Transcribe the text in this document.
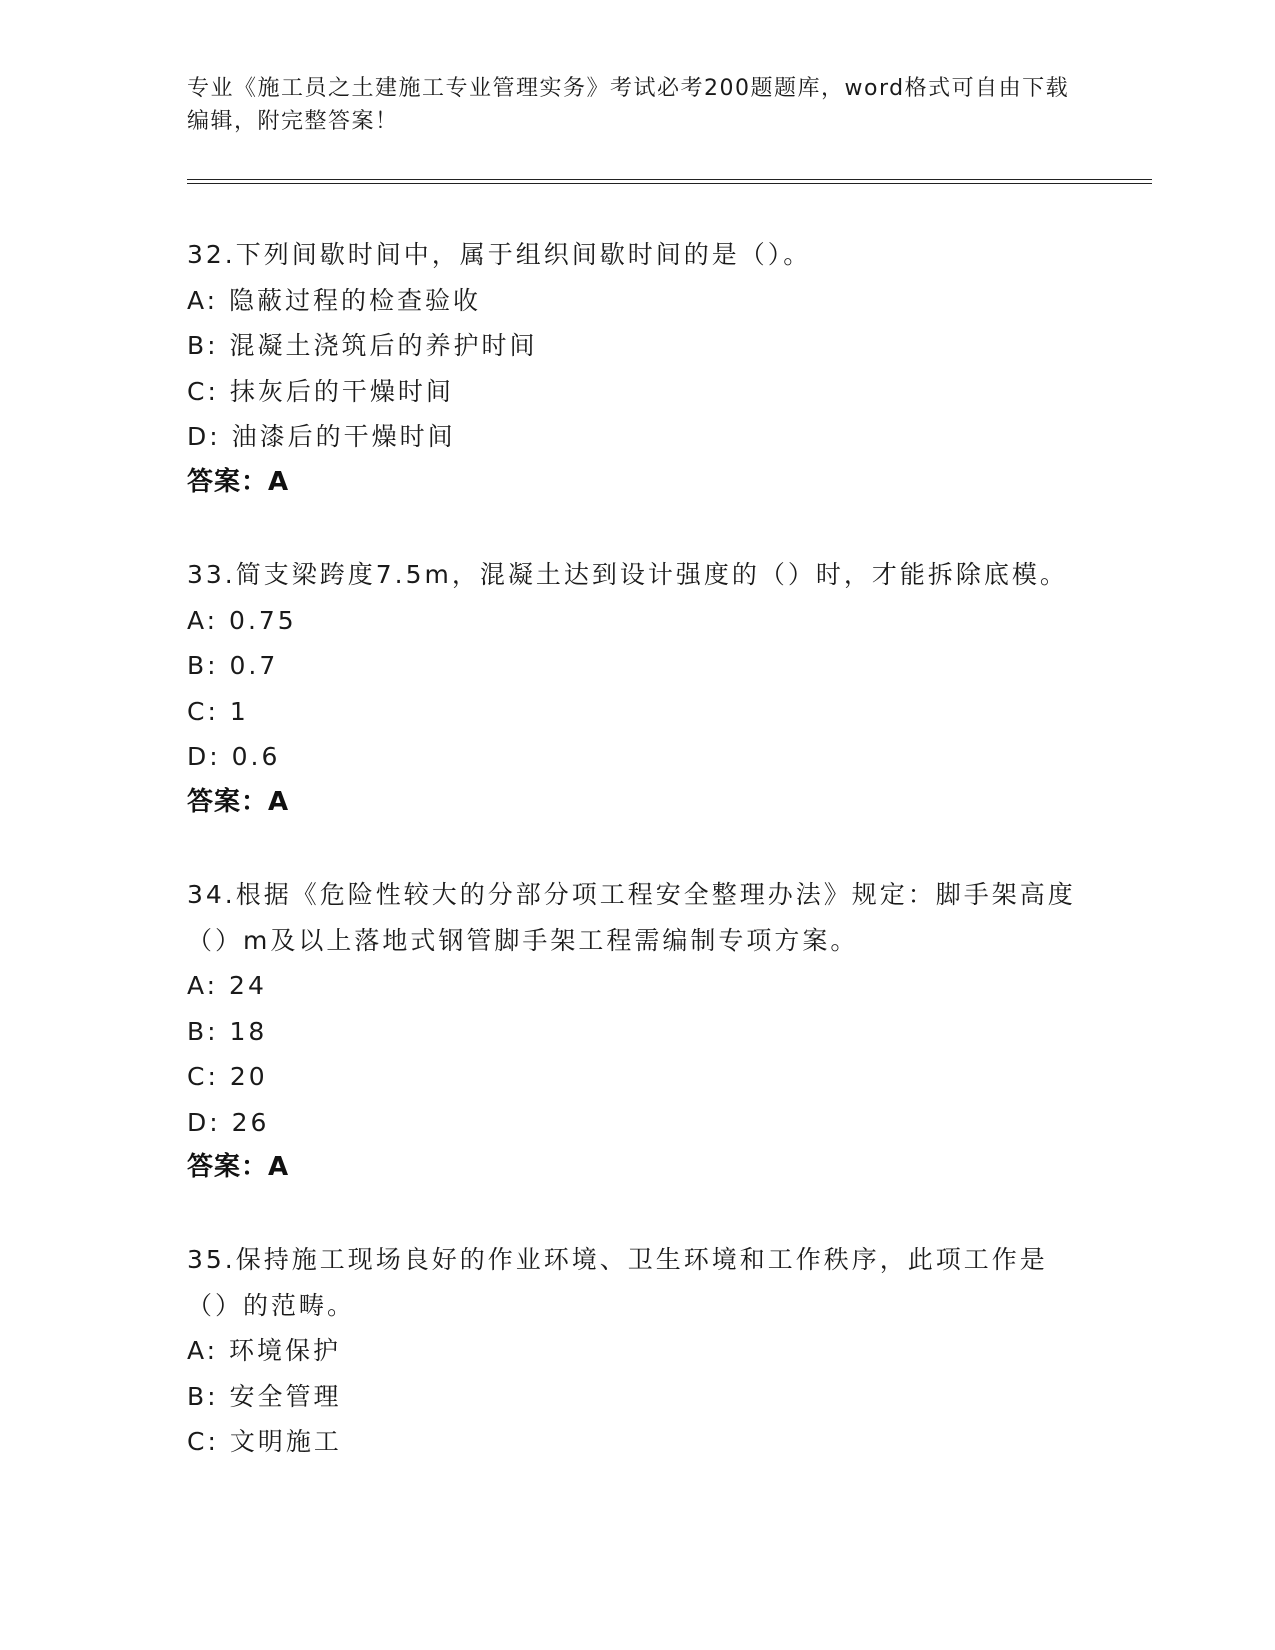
专业《施工员之土建施工专业管理实务》考试必考200题题库，word格式可自由下载编辑，附完整答案！
32.下列间歇时间中，属于组织间歇时间的是（）。
A: 隐蔽过程的检查验收
B: 混凝土浇筑后的养护时间
C: 抹灰后的干燥时间
D: 油漆后的干燥时间
答案：A
33.简支梁跨度7.5m，混凝土达到设计强度的（）时，才能拆除底模。
A: 0.75
B: 0.7
C: 1
D: 0.6
答案：A
34.根据《危险性较大的分部分项工程安全整理办法》规定：脚手架高度（）m及以上落地式钢管脚手架工程需编制专项方案。
A: 24
B: 18
C: 20
D: 26
答案：A
35.保持施工现场良好的作业环境、卫生环境和工作秩序，此项工作是（）的范畴。
A: 环境保护
B: 安全管理
C: 文明施工
